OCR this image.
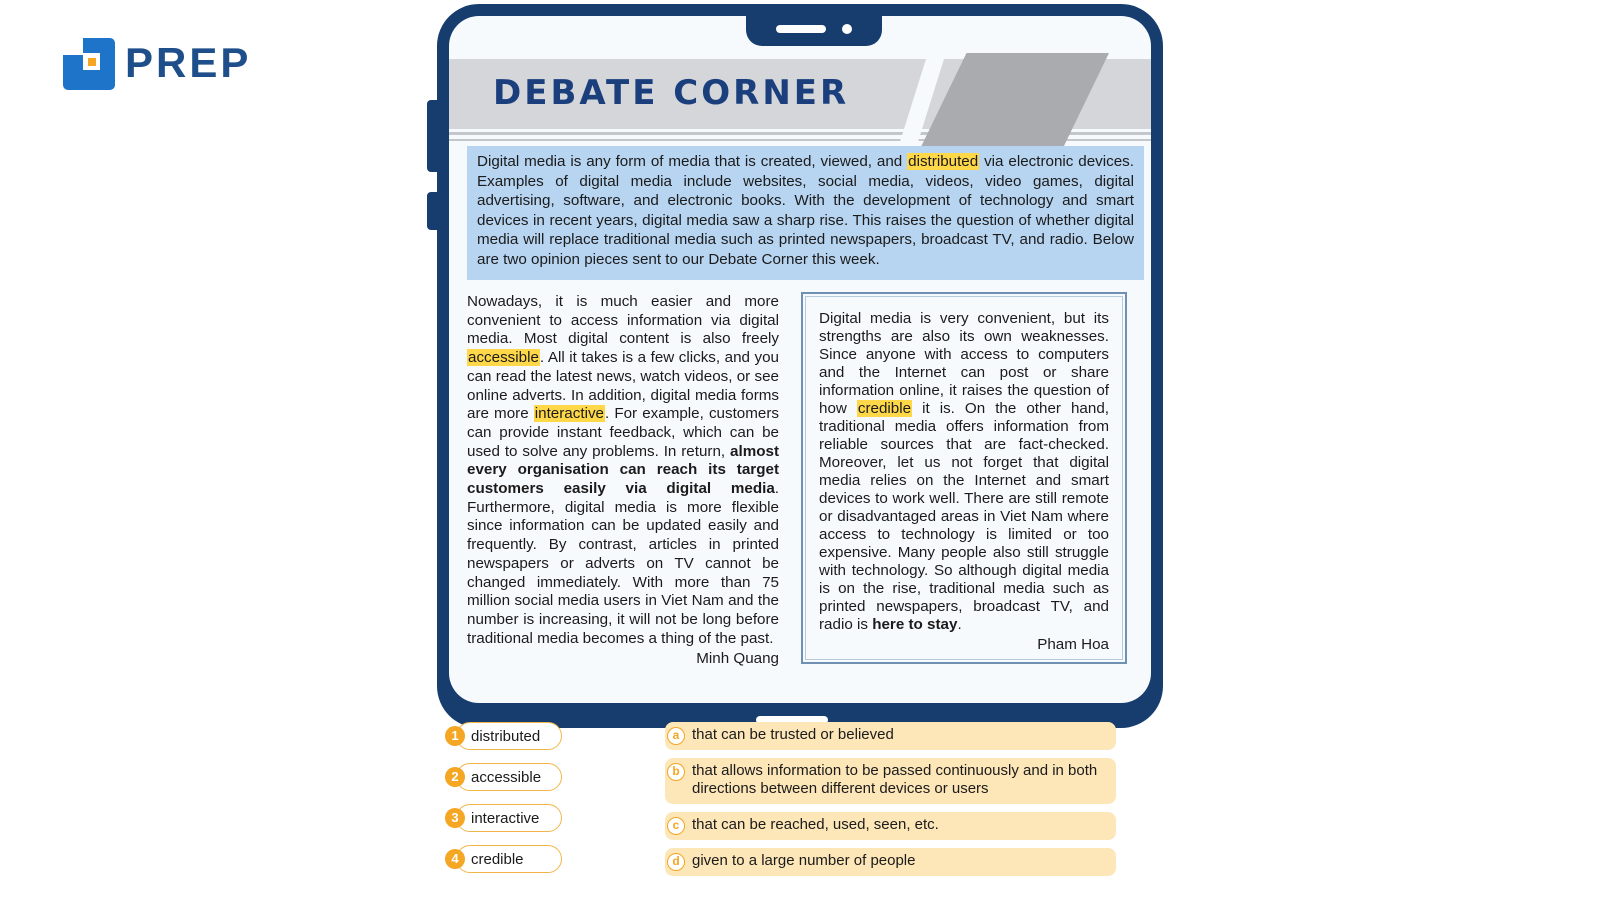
PREP
DEBATE CORNER
Digital media is any form of media that is created, viewed, and distributed via electronic devices. Examples of digital media include websites, social media, videos, video games, digital advertising, software, and electronic books. With the development of technology and smart devices in recent years, digital media saw a sharp rise. This raises the question of whether digital media will replace traditional media such as printed newspapers, broadcast TV, and radio. Below are two opinion pieces sent to our Debate Corner this week.
Nowadays, it is much easier and more convenient to access information via digital media. Most digital content is also freely accessible. All it takes is a few clicks, and you can read the latest news, watch videos, or see online adverts. In addition, digital media forms are more interactive. For example, customers can provide instant feedback, which can be used to solve any problems. In return, almost every organisation can reach its target customers easily via digital media. Furthermore, digital media is more flexible since information can be updated easily and frequently. By contrast, articles in printed newspapers or adverts on TV cannot be changed immediately. With more than 75 million social media users in Viet Nam and the number is increasing, it will not be long before traditional media becomes a thing of the past.
Minh Quang
Digital media is very convenient, but its strengths are also its own weaknesses. Since anyone with access to computers and the Internet can post or share information online, it raises the question of how credible it is. On the other hand, traditional media offers information from reliable sources that are fact-checked. Moreover, let us not forget that digital media relies on the Internet and smart devices to work well. There are still remote or disadvantaged areas in Viet Nam where access to technology is limited or too expensive. Many people also still struggle with technology. So although digital media is on the rise, traditional media such as printed newspapers, broadcast TV, and radio is here to stay.
Pham Hoa
1 distributed
2 accessible
3 interactive
4 credible
a that can be trusted or believed
b that allows information to be passed continuously and in both directions between different devices or users
c that can be reached, used, seen, etc.
d given to a large number of people
